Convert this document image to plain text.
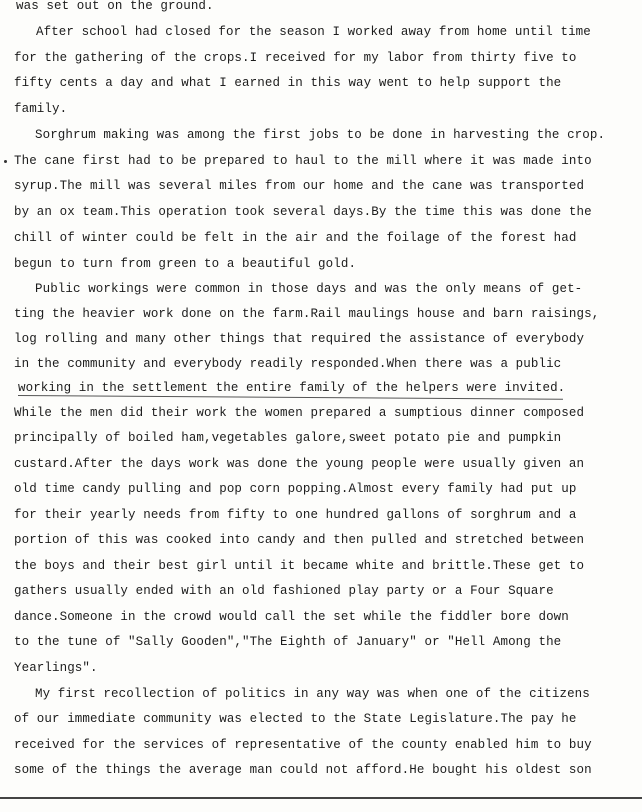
was set out on the ground.
After school had closed for the season I worked away from home until time
for the gathering of the crops.I received for my labor from thirty five to
fifty cents a day and what I earned in this way went to help support the
family.
Sorghrum making was among the first jobs to be done in harvesting the crop.
The cane first had to be prepared to haul to the mill where it was made into
syrup.The mill was several miles from our home and the cane was transported
by an ox team.This operation took several days.By the time this was done the
chill of winter could be felt in the air and the foilage of the forest had
begun to turn from green to a beautiful gold.
Public workings were common in those days and was the only means of get-
ting the heavier work done on the farm.Rail maulings house and barn raisings,
log rolling and many other things that required the assistance of everybody
in the community and everybody readily responded.When there was a public
working in the settlement the entire family of the helpers were invited.
While the men did their work the women prepared a sumptious dinner composed
principally of boiled ham,vegetables galore,sweet potato pie and pumpkin
custard.After the days work was done the young people were usually given an
old time candy pulling and pop corn popping.Almost every family had put up
for their yearly needs from fifty to one hundred gallons of sorghrum and a
portion of this was cooked into candy and then pulled and stretched between
the boys and their best girl until it became white and brittle.These get to
gathers usually ended with an old fashioned play party or a Four Square
dance.Someone in the crowd would call the set while the fiddler bore down
to the tune of "Sally Gooden","The Eighth of January" or "Hell Among the
Yearlings".
My first recollection of politics in any way was when one of the citizens
of our immediate community was elected to the State Legislature.The pay he
received for the services of representative of the county enabled him to buy
some of the things the average man could not afford.He bought his oldest son
